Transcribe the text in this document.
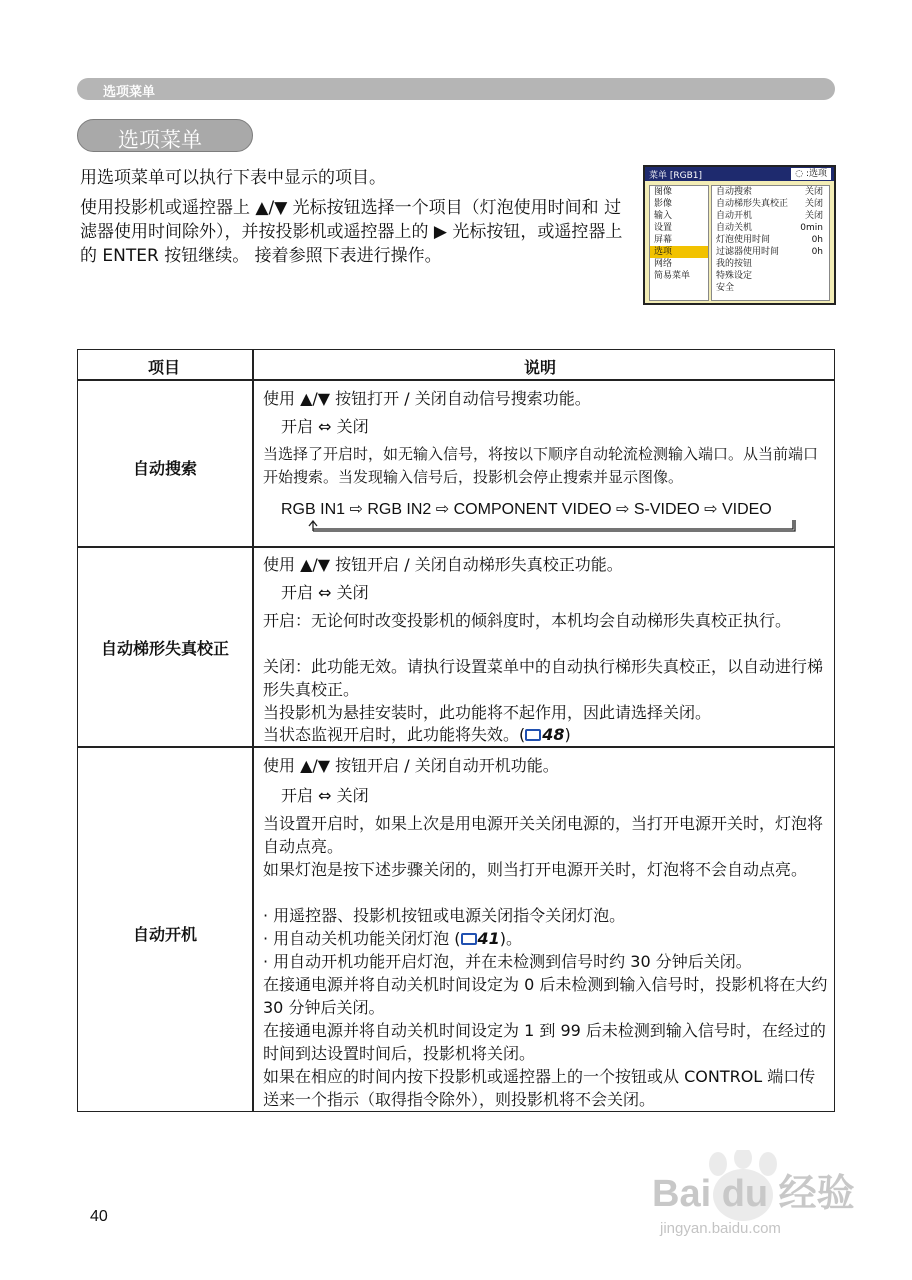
选项菜单
选项菜单
用选项菜单可以执行下表中显示的项目。
使用投影机或遥控器上 ▲/▼ 光标按钮选择一个项目（灯泡使用时间和 过滤器使用时间除外），并按投影机或遥控器上的 ▶ 光标按钮，或遥控器上的 ENTER 按钮继续。 接着参照下表进行操作。
菜单 [RGB1]	◌ :选项
图像
影像
输入
设置
屏幕
选项
网络
简易菜单
自动搜索	关闭
自动梯形失真校正 关闭
自动开机	关闭
自动关机	0min
灯泡使用时间	0h
过滤器使用时间	0h
我的按钮
特殊设定
安全
项目	说明
自动搜索
使用 ▲/▼ 按钮打开 / 关闭自动信号搜索功能。
开启 ⇔ 关闭
当选择了开启时，如无输入信号，将按以下顺序自动轮流检测输入端口。从当前端口开始搜索。当发现输入信号后，投影机会停止搜索并显示图像。
RGB IN1 ⇨ RGB IN2 ⇨ COMPONENT VIDEO ⇨ S-VIDEO ⇨ VIDEO
自动梯形失真校正
使用 ▲/▼ 按钮开启 / 关闭自动梯形失真校正功能。
开启 ⇔ 关闭
开启：无论何时改变投影机的倾斜度时，本机均会自动梯形失真校正执行。
关闭：此功能无效。请执行设置菜单中的自动执行梯形失真校正，以自动进行梯形失真校正。
当投影机为悬挂安装时，此功能将不起作用，因此请选择关闭。
当状态监视开启时，此功能将失效。( 48)
自动开机
使用 ▲/▼ 按钮开启 / 关闭自动开机功能。
开启 ⇔ 关闭
当设置开启时，如果上次是用电源开关关闭电源的，当打开电源开关时，灯泡将自动点亮。
如果灯泡是按下述步骤关闭的，则当打开电源开关时，灯泡将不会自动点亮。
· 用遥控器、投影机按钮或电源关闭指令关闭灯泡。
· 用自动关机功能关闭灯泡 ( 41)。
· 用自动开机功能开启灯泡，并在未检测到信号时约 30 分钟后关闭。
在接通电源并将自动关机时间设定为 0 后未检测到输入信号时，投影机将在大约 30 分钟后关闭。
在接通电源并将自动关机时间设定为 1 到 99 后未检测到输入信号时，在经过的时间到达设置时间后，投影机将关闭。
如果在相应的时间内按下投影机或遥控器上的一个按钮或从 CONTROL 端口传送来一个指示（取得指令除外），则投影机将不会关闭。
40
Bai du 经验
jingyan.baidu.com
